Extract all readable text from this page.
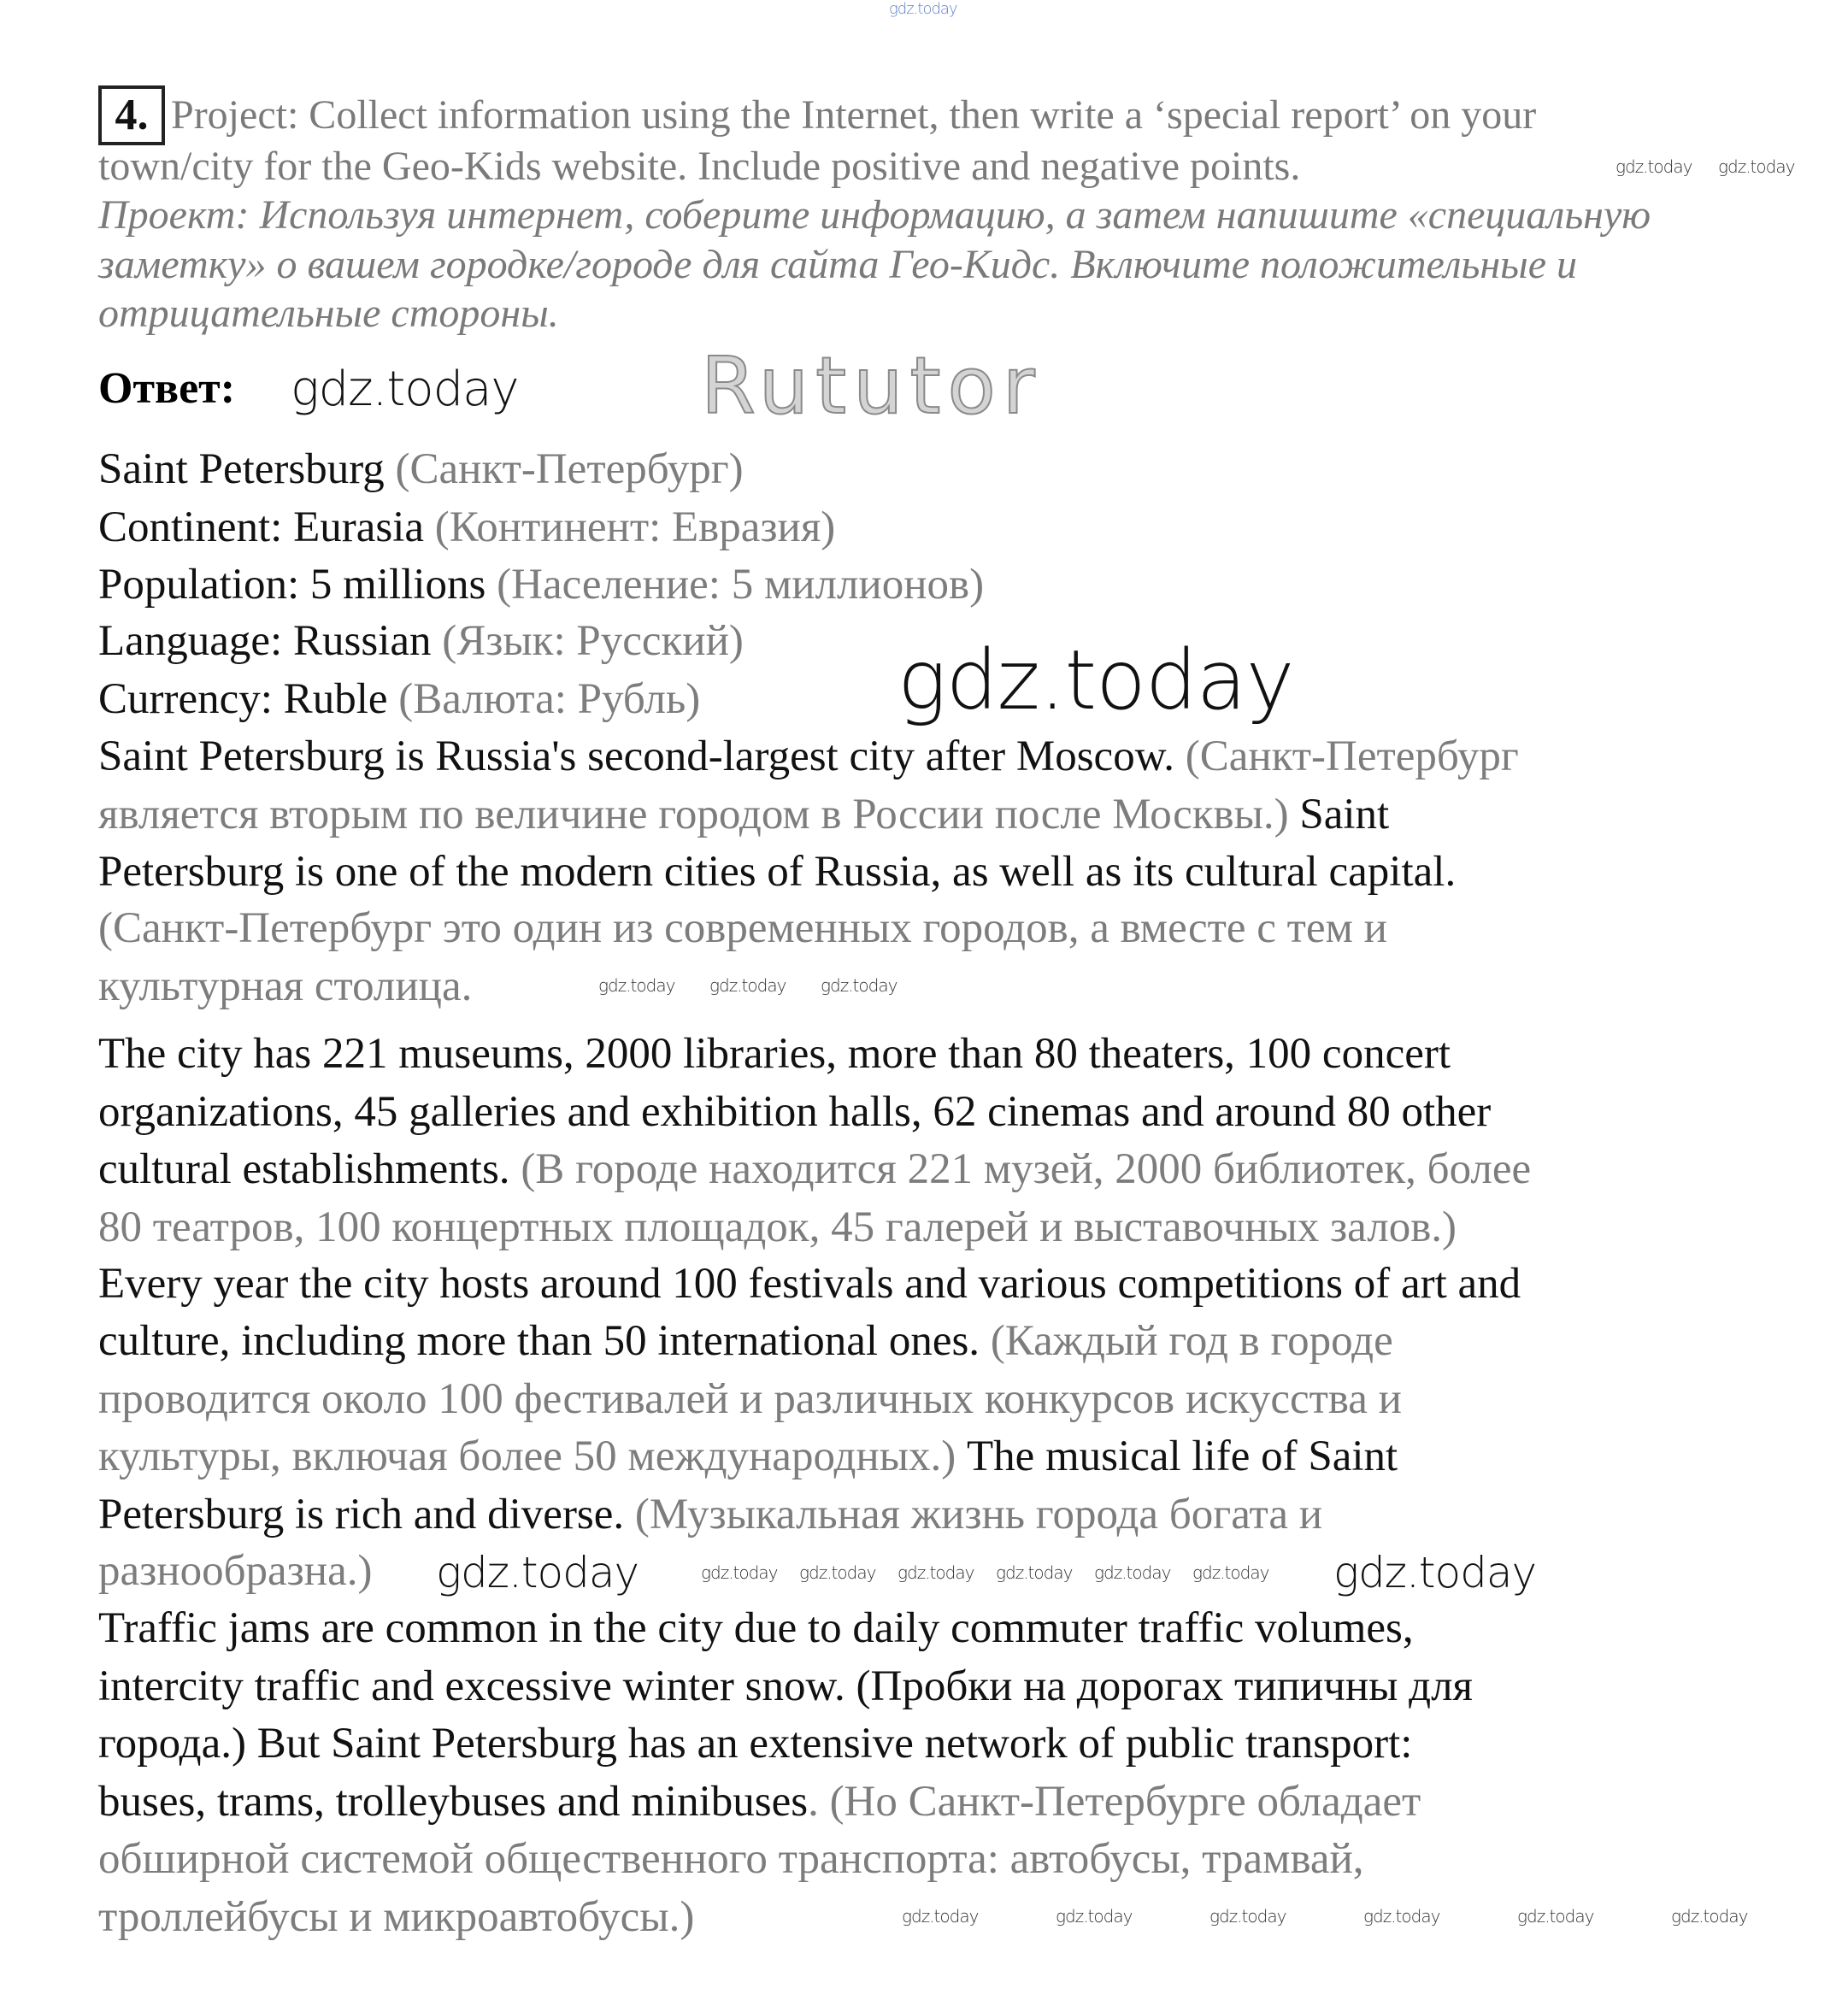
gdz.today
4. Project: Collect information using the Internet, then write a ‘special report’ on your
town/city for the Geo-Kids website. Include positive and negative points.
Проект: Используя интернет, соберите информацию, а затем напишите «специальную
заметку» о вашем городке/городе для сайта Гео-Кидс. Включите положительные и
отрицательные стороны.
Ответ:	Rututor
Saint Petersburg (Санкт-Петербург)
Continent: Eurasia (Континент: Евразия)
Population: 5 millions (Население: 5 миллионов)
Language: Russian (Язык: Русский)
Currency: Ruble (Валюта: Рубль)
Saint Petersburg is Russia's second-largest city after Moscow. (Санкт-Петербург
является вторым по величине городом в России после Москвы.) Saint
Petersburg is one of the modern cities of Russia, as well as its cultural capital.
(Санкт-Петербург это один из современных городов, а вместе с тем и
культурная столица.
The city has 221 museums, 2000 libraries, more than 80 theaters, 100 concert
organizations, 45 galleries and exhibition halls, 62 cinemas and around 80 other
cultural establishments. (В городе находится 221 музей, 2000 библиотек, более
80 театров, 100 концертных площадок, 45 галерей и выставочных залов.)
Every year the city hosts around 100 festivals and various competitions of art and
culture, including more than 50 international ones. (Каждый год в городе
проводится около 100 фестивалей и различных конкурсов искусства и
культуры, включая более 50 международных.) The musical life of Saint
Petersburg is rich and diverse. (Музыкальная жизнь города богата и
разнообразна.)
Traffic jams are common in the city due to daily commuter traffic volumes,
intercity traffic and excessive winter snow. (Пробки на дорогах типичны для
города.) But Saint Petersburg has an extensive network of public transport:
buses, trams, trolleybuses and minibuses. (Но Санкт-Петербурге обладает
обширной системой общественного транспорта: автобусы, трамвай,
троллейбусы и микроавтобусы.)
gdz.today gdz.today
gdz.today
gdz.today
gdz.today gdz.today gdz.today
gdz.today	gdz.today
gdz.today gdz.today gdz.today gdz.today gdz.today gdz.today
gdz.today	gdz.today	gdz.today	gdz.today	gdz.today	gdz.today
